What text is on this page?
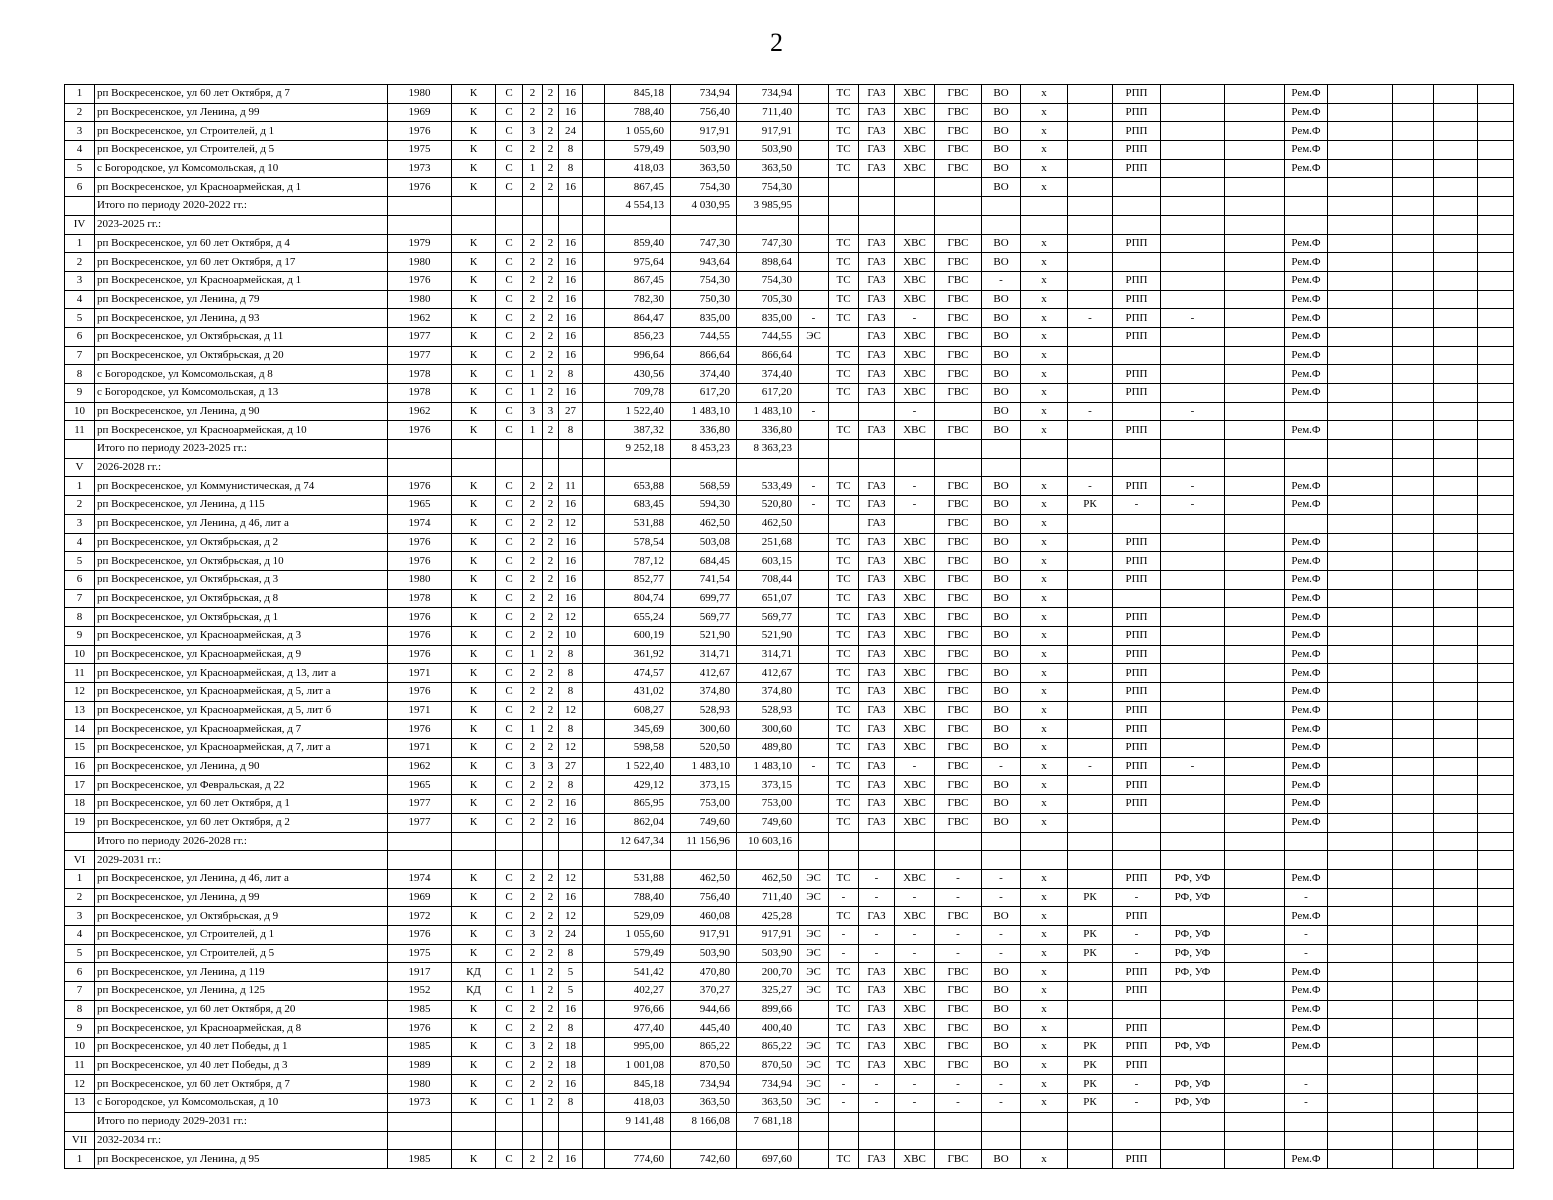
2
1	рп Воскресенское, ул 60 лет Октября, д 7	1980	К	С	2	2	16		845,18	734,94	734,94		ТС	ГАЗ	ХВС	ГВС	ВО	х		РПП			Рем.Ф				
2	рп Воскресенское, ул Ленина, д 99	1969	К	С	2	2	16		788,40	756,40	711,40		ТС	ГАЗ	ХВС	ГВС	ВО	х		РПП			Рем.Ф				
3	рп Воскресенское, ул Строителей, д 1	1976	К	С	3	2	24		1 055,60	917,91	917,91		ТС	ГАЗ	ХВС	ГВС	ВО	х		РПП			Рем.Ф				
4	рп Воскресенское, ул Строителей, д 5	1975	К	С	2	2	8		579,49	503,90	503,90		ТС	ГАЗ	ХВС	ГВС	ВО	х		РПП			Рем.Ф				
5	с Богородское, ул Комсомольская, д 10	1973	К	С	1	2	8		418,03	363,50	363,50		ТС	ГАЗ	ХВС	ГВС	ВО	х		РПП			Рем.Ф				
6	рп Воскресенское, ул Красноармейская, д 1	1976	К	С	2	2	16		867,45	754,30	754,30						ВО	х									
	Итого по периоду 2020-2022 гг.:								4 554,13	4 030,95	3 985,95																
IV	2023-2025 гг.:																										
1	рп Воскресенское, ул 60 лет Октября, д 4	1979	К	С	2	2	16		859,40	747,30	747,30		ТС	ГАЗ	ХВС	ГВС	ВО	х		РПП			Рем.Ф				
2	рп Воскресенское, ул 60 лет Октября, д 17	1980	К	С	2	2	16		975,64	943,64	898,64		ТС	ГАЗ	ХВС	ГВС	ВО	х					Рем.Ф				
3	рп Воскресенское, ул Красноармейская, д 1	1976	К	С	2	2	16		867,45	754,30	754,30		ТС	ГАЗ	ХВС	ГВС	-	х		РПП			Рем.Ф				
4	рп Воскресенское, ул Ленина, д 79	1980	К	С	2	2	16		782,30	750,30	705,30		ТС	ГАЗ	ХВС	ГВС	ВО	х		РПП			Рем.Ф				
5	рп Воскресенское, ул Ленина, д 93	1962	К	С	2	2	16		864,47	835,00	835,00	-	ТС	ГАЗ	-	ГВС	ВО	х	-	РПП	-		Рем.Ф				
6	рп Воскресенское, ул Октябрьская, д 11	1977	К	С	2	2	16		856,23	744,55	744,55	ЭС		ГАЗ	ХВС	ГВС	ВО	х		РПП			Рем.Ф				
7	рп Воскресенское, ул Октябрьская, д 20	1977	К	С	2	2	16		996,64	866,64	866,64		ТС	ГАЗ	ХВС	ГВС	ВО	х					Рем.Ф				
8	с Богородское, ул Комсомольская, д 8	1978	К	С	1	2	8		430,56	374,40	374,40		ТС	ГАЗ	ХВС	ГВС	ВО	х		РПП			Рем.Ф				
9	с Богородское, ул Комсомольская, д 13	1978	К	С	1	2	16		709,78	617,20	617,20		ТС	ГАЗ	ХВС	ГВС	ВО	х		РПП			Рем.Ф				
10	рп Воскресенское, ул Ленина, д 90	1962	К	С	3	3	27		1 522,40	1 483,10	1 483,10	-			-		ВО	х	-		-						
11	рп Воскресенское, ул Красноармейская, д 10	1976	К	С	1	2	8		387,32	336,80	336,80		ТС	ГАЗ	ХВС	ГВС	ВО	х		РПП			Рем.Ф				
	Итого по периоду 2023-2025 гг.:								9 252,18	8 453,23	8 363,23																
V	2026-2028 гг.:																										
1	рп Воскресенское, ул Коммунистическая, д 74	1976	К	С	2	2	11		653,88	568,59	533,49	-	ТС	ГАЗ	-	ГВС	ВО	х	-	РПП	-		Рем.Ф				
2	рп Воскресенское, ул Ленина, д 115	1965	К	С	2	2	16		683,45	594,30	520,80	-	ТС	ГАЗ	-	ГВС	ВО	х	РК	-	-		Рем.Ф				
3	рп Воскресенское, ул Ленина, д 46, лит а	1974	К	С	2	2	12		531,88	462,50	462,50			ГАЗ		ГВС	ВО	х									
4	рп Воскресенское, ул Октябрьская, д 2	1976	К	С	2	2	16		578,54	503,08	251,68		ТС	ГАЗ	ХВС	ГВС	ВО	х		РПП			Рем.Ф				
5	рп Воскресенское, ул Октябрьская, д 10	1976	К	С	2	2	16		787,12	684,45	603,15		ТС	ГАЗ	ХВС	ГВС	ВО	х		РПП			Рем.Ф				
6	рп Воскресенское, ул Октябрьская, д 3	1980	К	С	2	2	16		852,77	741,54	708,44		ТС	ГАЗ	ХВС	ГВС	ВО	х		РПП			Рем.Ф				
7	рп Воскресенское, ул Октябрьская, д 8	1978	К	С	2	2	16		804,74	699,77	651,07		ТС	ГАЗ	ХВС	ГВС	ВО	х					Рем.Ф				
8	рп Воскресенское, ул Октябрьская, д 1	1976	К	С	2	2	12		655,24	569,77	569,77		ТС	ГАЗ	ХВС	ГВС	ВО	х		РПП			Рем.Ф				
9	рп Воскресенское, ул Красноармейская, д 3	1976	К	С	2	2	10		600,19	521,90	521,90		ТС	ГАЗ	ХВС	ГВС	ВО	х		РПП			Рем.Ф				
10	рп Воскресенское, ул Красноармейская, д 9	1976	К	С	1	2	8		361,92	314,71	314,71		ТС	ГАЗ	ХВС	ГВС	ВО	х		РПП			Рем.Ф				
11	рп Воскресенское, ул Красноармейская, д 13, лит а	1971	К	С	2	2	8		474,57	412,67	412,67		ТС	ГАЗ	ХВС	ГВС	ВО	х		РПП			Рем.Ф				
12	рп Воскресенское, ул Красноармейская, д 5, лит а	1976	К	С	2	2	8		431,02	374,80	374,80		ТС	ГАЗ	ХВС	ГВС	ВО	х		РПП			Рем.Ф				
13	рп Воскресенское, ул Красноармейская, д 5, лит б	1971	К	С	2	2	12		608,27	528,93	528,93		ТС	ГАЗ	ХВС	ГВС	ВО	х		РПП			Рем.Ф				
14	рп Воскресенское, ул Красноармейская, д 7	1976	К	С	1	2	8		345,69	300,60	300,60		ТС	ГАЗ	ХВС	ГВС	ВО	х		РПП			Рем.Ф				
15	рп Воскресенское, ул Красноармейская, д 7, лит а	1971	К	С	2	2	12		598,58	520,50	489,80		ТС	ГАЗ	ХВС	ГВС	ВО	х		РПП			Рем.Ф				
16	рп Воскресенское, ул Ленина, д 90	1962	К	С	3	3	27		1 522,40	1 483,10	1 483,10	-	ТС	ГАЗ	-	ГВС	-	х	-	РПП	-		Рем.Ф				
17	рп Воскресенское, ул Февральская, д 22	1965	К	С	2	2	8		429,12	373,15	373,15		ТС	ГАЗ	ХВС	ГВС	ВО	х		РПП			Рем.Ф				
18	рп Воскресенское, ул 60 лет Октября, д 1	1977	К	С	2	2	16		865,95	753,00	753,00		ТС	ГАЗ	ХВС	ГВС	ВО	х		РПП			Рем.Ф				
19	рп Воскресенское, ул 60 лет Октября, д 2	1977	К	С	2	2	16		862,04	749,60	749,60		ТС	ГАЗ	ХВС	ГВС	ВО	х					Рем.Ф				
	Итого по периоду 2026-2028 гг.:								12 647,34	11 156,96	10 603,16																
VI	2029-2031 гг.:																										
1	рп Воскресенское, ул Ленина, д 46, лит а	1974	К	С	2	2	12		531,88	462,50	462,50	ЭС	ТС	-	ХВС	-	-	х		РПП	РФ, УФ		Рем.Ф				
2	рп Воскресенское, ул Ленина, д 99	1969	К	С	2	2	16		788,40	756,40	711,40	ЭС	-	-	-	-	-	х	РК	-	РФ, УФ		-				
3	рп Воскресенское, ул Октябрьская, д 9	1972	К	С	2	2	12		529,09	460,08	425,28		ТС	ГАЗ	ХВС	ГВС	ВО	х		РПП			Рем.Ф				
4	рп Воскресенское, ул Строителей, д 1	1976	К	С	3	2	24		1 055,60	917,91	917,91	ЭС	-	-	-	-	-	х	РК	-	РФ, УФ		-				
5	рп Воскресенское, ул Строителей, д 5	1975	К	С	2	2	8		579,49	503,90	503,90	ЭС	-	-	-	-	-	х	РК	-	РФ, УФ		-				
6	рп Воскресенское, ул Ленина, д 119	1917	КД	С	1	2	5		541,42	470,80	200,70	ЭС	ТС	ГАЗ	ХВС	ГВС	ВО	х		РПП	РФ, УФ		Рем.Ф				
7	рп Воскресенское, ул Ленина, д 125	1952	КД	С	1	2	5		402,27	370,27	325,27	ЭС	ТС	ГАЗ	ХВС	ГВС	ВО	х		РПП			Рем.Ф				
8	рп Воскресенское, ул 60 лет Октября, д 20	1985	К	С	2	2	16		976,66	944,66	899,66		ТС	ГАЗ	ХВС	ГВС	ВО	х					Рем.Ф				
9	рп Воскресенское, ул Красноармейская, д 8	1976	К	С	2	2	8		477,40	445,40	400,40		ТС	ГАЗ	ХВС	ГВС	ВО	х		РПП			Рем.Ф				
10	рп Воскресенское, ул 40 лет Победы, д 1	1985	К	С	3	2	18		995,00	865,22	865,22	ЭС	ТС	ГАЗ	ХВС	ГВС	ВО	х	РК	РПП	РФ, УФ		Рем.Ф				
11	рп Воскресенское, ул 40 лет Победы, д 3	1989	К	С	2	2	18		1 001,08	870,50	870,50	ЭС	ТС	ГАЗ	ХВС	ГВС	ВО	х	РК	РПП							
12	рп Воскресенское, ул 60 лет Октября, д 7	1980	К	С	2	2	16		845,18	734,94	734,94	ЭС	-	-	-	-	-	х	РК	-	РФ, УФ		-				
13	с Богородское, ул Комсомольская, д 10	1973	К	С	1	2	8		418,03	363,50	363,50	ЭС	-	-	-	-	-	х	РК	-	РФ, УФ		-				
	Итого по периоду 2029-2031 гг.:								9 141,48	8 166,08	7 681,18																
VII	2032-2034 гг.:																										
1	рп Воскресенское, ул Ленина, д 95	1985	К	С	2	2	16		774,60	742,60	697,60		ТС	ГАЗ	ХВС	ГВС	ВО	х		РПП			Рем.Ф				
